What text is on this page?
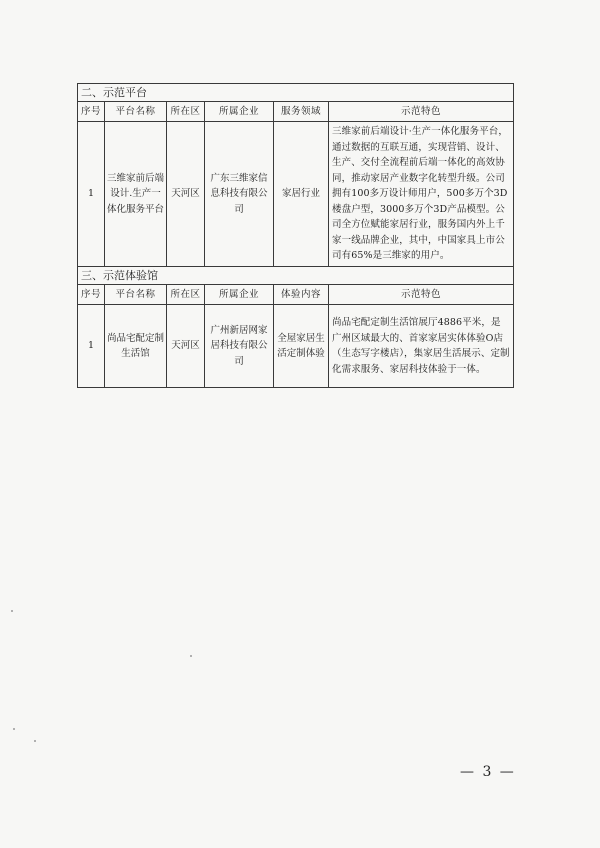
二、示范平台					
序号	平台名称	所在区	所属企业	服务领域	示范特色
1	三维家前后端设计.生产一体化服务平台	天河区	广东三维家信息科技有限公司	家居行业	三维家前后端设计·生产一体化服务平台，通过数据的互联互通，实现营销、设计、生产、交付全流程前后端一体化的高效协同，推动家居产业数字化转型升级。公司拥有100多万设计师用户，500多万个3D楼盘户型，3000多万个3D产品模型。公司全方位赋能家居行业，服务国内外上千家一线品牌企业，其中，中国家具上市公司有65%是三维家的用户。
三、示范体验馆					
序号	平台名称	所在区	所属企业	体验内容	示范特色
1	尚品宅配定制生活馆	天河区	广州新居网家居科技有限公司	全屋家居生活定制体验	尚品宅配定制生活馆展厅4886平米，是广州区域最大的、首家家居实体体验O店（生态写字楼店），集家居生活展示、定制化需求服务、家居科技体验于一体。
— 3 —
